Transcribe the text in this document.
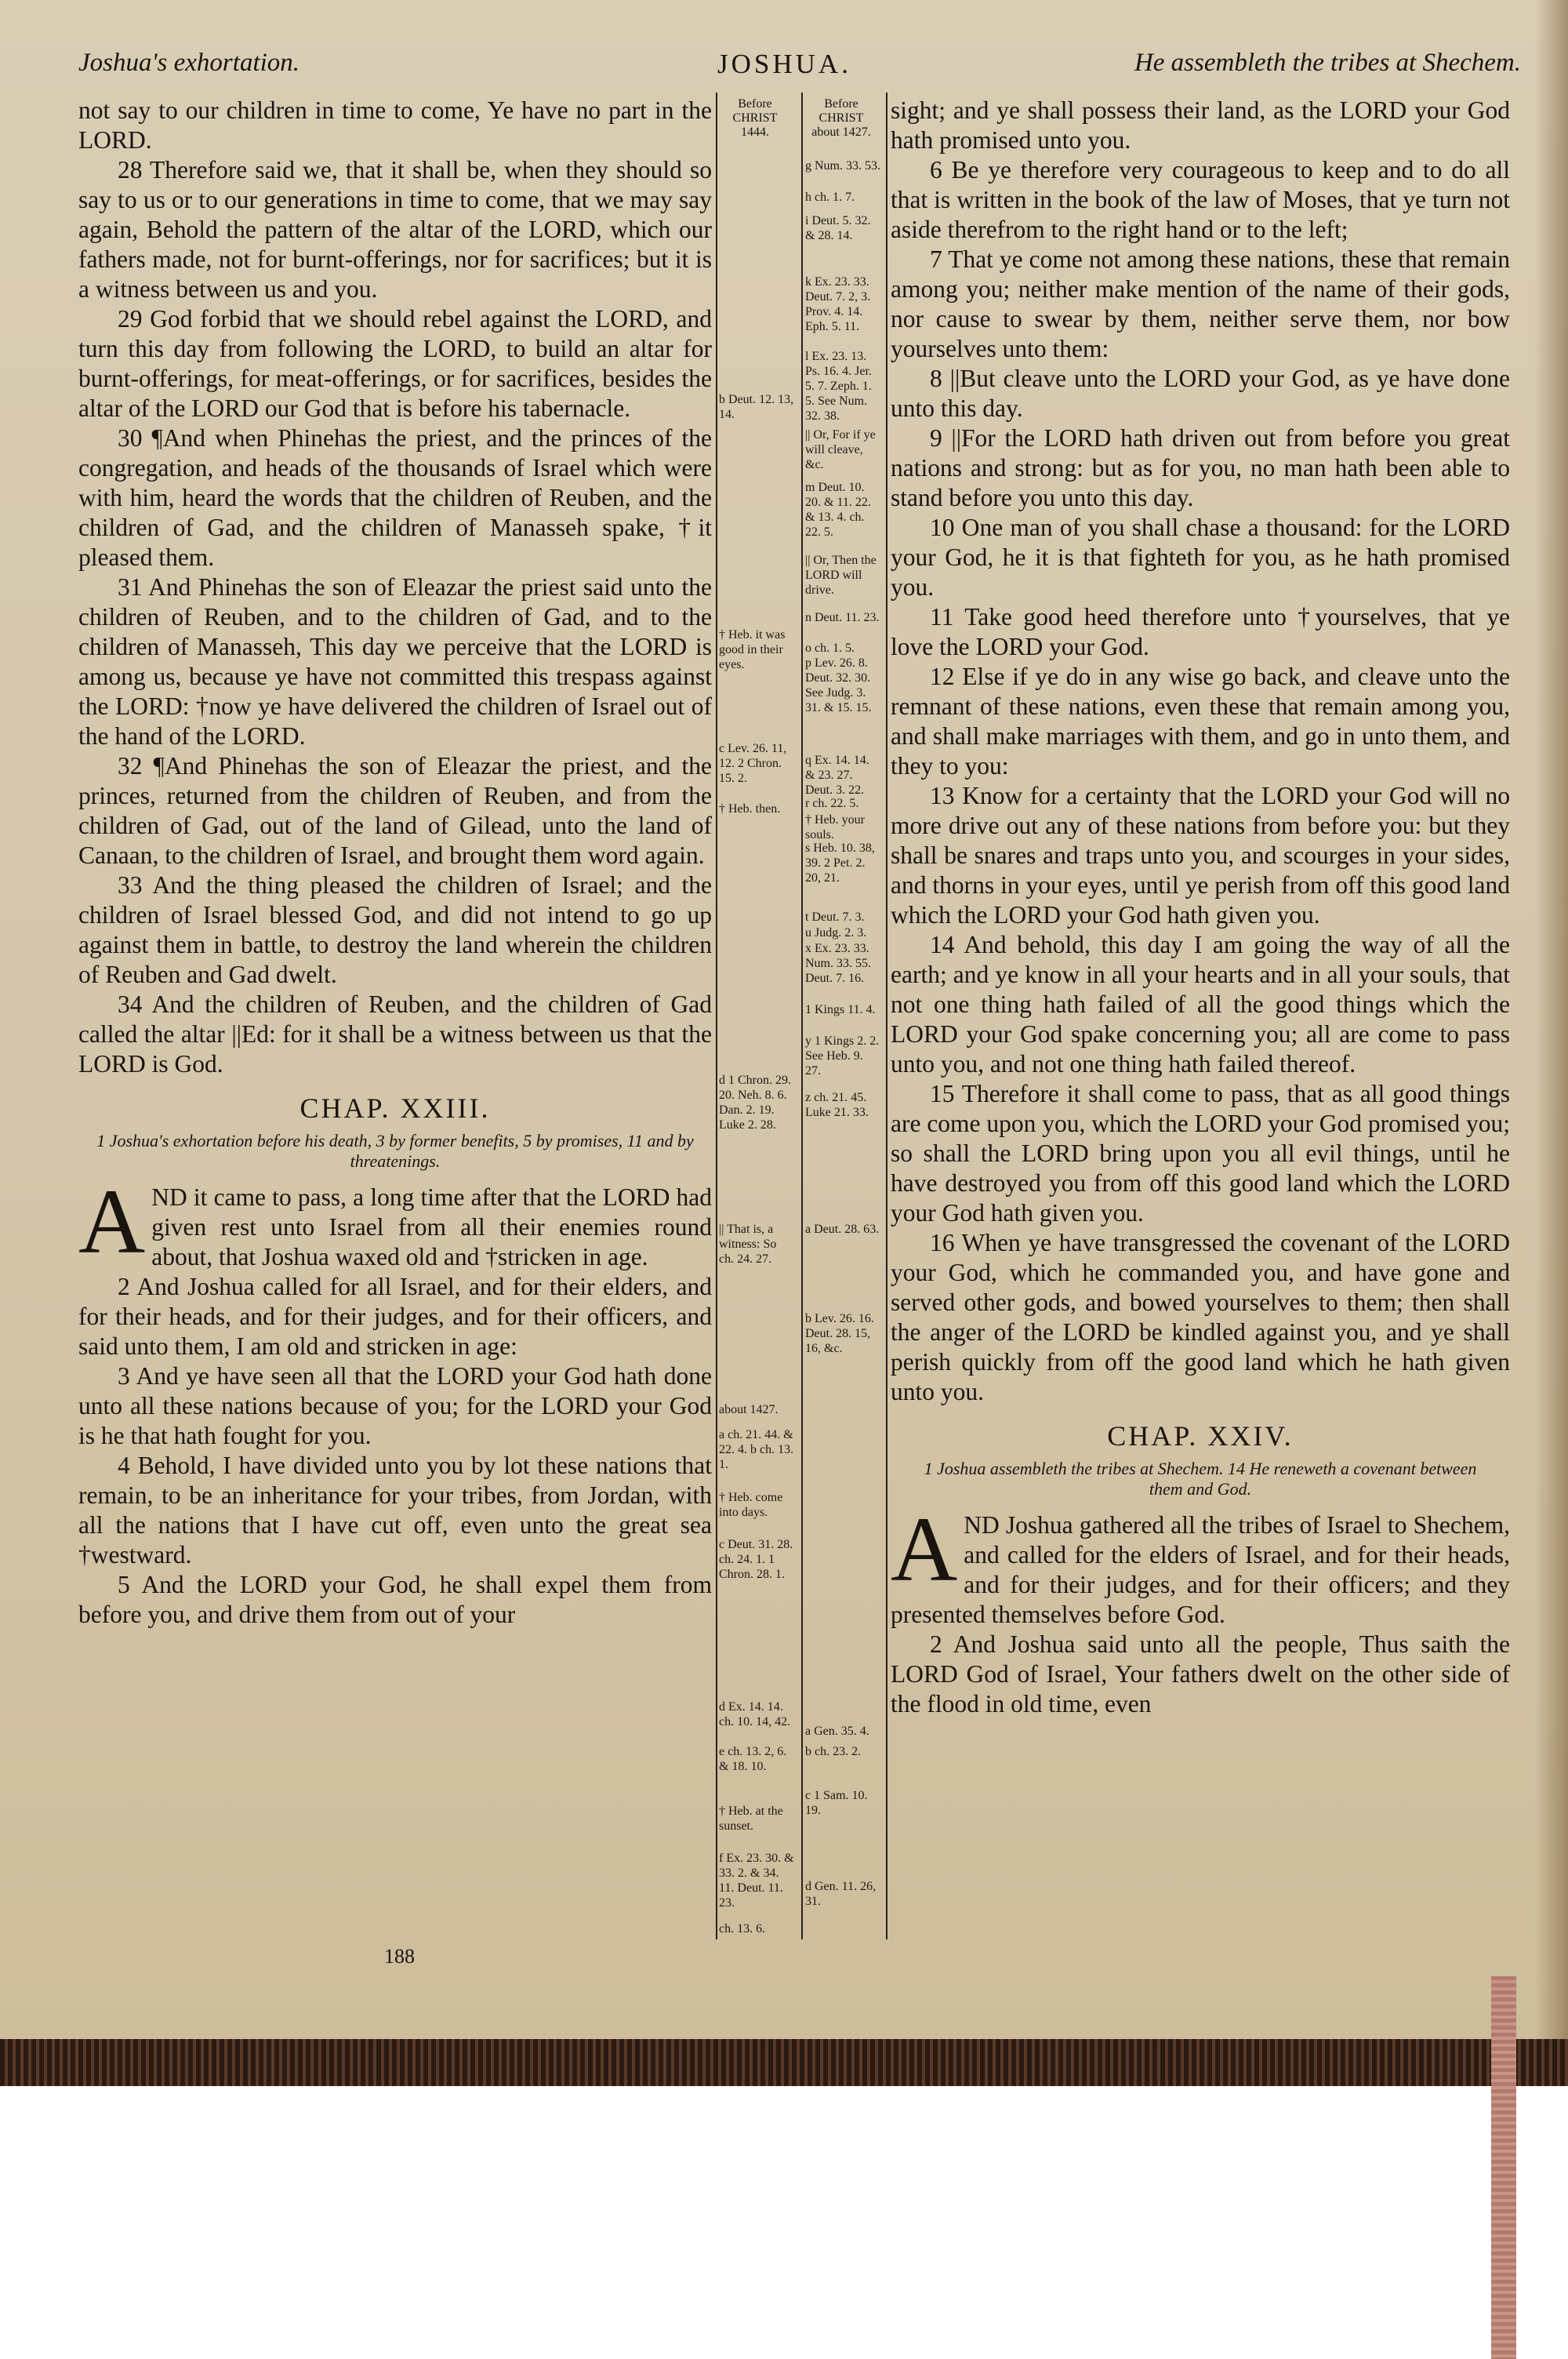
Joshua's exhortation.	JOSHUA.	He assembleth the tribes at Shechem.
Before CHRIST 1444.
Before CHRIST about 1427.

not say to our children in time to come, Ye have no part in the LORD.

28 Therefore said we, that it shall be, when they should so say to us or to our generations in time to come, that we may say again, Behold the pattern of the altar of the LORD, which our fathers made, not for burnt-offerings, nor for sacrifices; but it is a witness between us and you.

29 God forbid that we should rebel against the LORD, and turn this day from following the LORD, to build an altar for burnt-offerings, for meat-offerings, or for sacrifices, besides the altar of the LORD our God that is before his tabernacle.

30 ¶And when Phinehas the priest, and the princes of the congregation, and heads of the thousands of Israel which were with him, heard the words that the children of Reuben, and the children of Gad, and the children of Manasseh spake, †it pleased them.

31 And Phinehas the son of Eleazar the priest said unto the children of Reuben, and to the children of Gad, and to the children of Manasseh, This day we perceive that the LORD is among us, because ye have not committed this trespass against the LORD: †now ye have delivered the children of Israel out of the hand of the LORD.

32 ¶And Phinehas the son of Eleazar the priest, and the princes, returned from the children of Reuben, and from the children of Gad, out of the land of Gilead, unto the land of Canaan, to the children of Israel, and brought them word again.

33 And the thing pleased the children of Israel; and the children of Israel blessed God, and did not intend to go up against them in battle, to destroy the land wherein the children of Reuben and Gad dwelt.

34 And the children of Reuben, and the children of Gad called the altar ||Ed: for it shall be a witness between us that the LORD is God.

CHAP. XXIII.
1 Joshua's exhortation before his death, 3 by former benefits, 5 by promises, 11 and by threatenings.

AND it came to pass, a long time after that the LORD had given rest unto Israel from all their enemies round about, that Joshua waxed old and †stricken in age.

2 And Joshua called for all Israel, and for their elders, and for their heads, and for their judges, and for their officers, and said unto them, I am old and stricken in age:

3 And ye have seen all that the LORD your God hath done unto all these nations because of you; for the LORD your God is he that hath fought for you.

4 Behold, I have divided unto you by lot these nations that remain, to be an inheritance for your tribes, from Jordan, with all the nations that I have cut off, even unto the great sea †westward.

5 And the LORD your God, he shall expel them from before you, and drive them from out of your

sight; and ye shall possess their land, as the LORD your God hath promised unto you.

6 Be ye therefore very courageous to keep and to do all that is written in the book of the law of Moses, that ye turn not aside therefrom to the right hand or to the left;

7 That ye come not among these nations, these that remain among you; neither make mention of the name of their gods, nor cause to swear by them, neither serve them, nor bow yourselves unto them:

8 ||But cleave unto the LORD your God, as ye have done unto this day.

9 ||For the LORD hath driven out from before you great nations and strong: but as for you, no man hath been able to stand before you unto this day.

10 One man of you shall chase a thousand: for the LORD your God, he it is that fighteth for you, as he hath promised you.

11 Take good heed therefore unto †yourselves, that ye love the LORD your God.

12 Else if ye do in any wise go back, and cleave unto the remnant of these nations, even these that remain among you, and shall make marriages with them, and go in unto them, and they to you:

13 Know for a certainty that the LORD your God will no more drive out any of these nations from before you: but they shall be snares and traps unto you, and scourges in your sides, and thorns in your eyes, until ye perish from off this good land which the LORD your God hath given you.

14 And behold, this day I am going the way of all the earth; and ye know in all your hearts and in all your souls, that not one thing hath failed of all the good things which the LORD your God spake concerning you; all are come to pass unto you, and not one thing hath failed thereof.

15 Therefore it shall come to pass, that as all good things are come upon you, which the LORD your God promised you; so shall the LORD bring upon you all evil things, until he have destroyed you from off this good land which the LORD your God hath given you.

16 When ye have transgressed the covenant of the LORD your God, which he commanded you, and have gone and served other gods, and bowed yourselves to them; then shall the anger of the LORD be kindled against you, and ye shall perish quickly from off the good land which he hath given unto you.

CHAP. XXIV.
1 Joshua assembleth the tribes at Shechem. 14 He reneweth a covenant between them and God.

AND Joshua gathered all the tribes of Israel to Shechem, and called for the elders of Israel, and for their heads, and for their judges, and for their officers; and they presented themselves before God.

2 And Joshua said unto all the people, Thus saith the LORD God of Israel, Your fathers dwelt on the other side of the flood in old time, even

b Deut. 12. 13, 14.
† Heb. it was good in their eyes.
c Lev. 26. 11, 12. 2 Chron. 15. 2.
† Heb. then.
d 1 Chron. 29. 20. Neh. 8. 6. Dan. 2. 19. Luke 2. 28.
|| That is, a witness: So ch. 24. 27.
about 1427.
a ch. 21. 44. & 22. 4. b ch. 13. 1.
† Heb. come into days.
c Deut. 31. 28. ch. 24. 1. 1 Chron. 28. 1.
d Ex. 14. 14. ch. 10. 14, 42.
e ch. 13. 2, 6. & 18. 10.
† Heb. at the sunset.
f Ex. 23. 30. & 33. 2. & 34. 11. Deut. 11. 23.
ch. 13. 6.
g Num. 33. 53.
h ch. 1. 7.
i Deut. 5. 32. & 28. 14.
k Ex. 23. 33. Deut. 7. 2, 3. Prov. 4. 14. Eph. 5. 11.
l Ex. 23. 13. Ps. 16. 4. Jer. 5. 7. Zeph. 1. 5. See Num. 32. 38.
|| Or, For if ye will cleave, &c.
m Deut. 10. 20. & 11. 22. & 13. 4. ch. 22. 5.
|| Or, Then the LORD will drive.
n Deut. 11. 23.
o ch. 1. 5.
p Lev. 26. 8. Deut. 32. 30. See Judg. 3. 31. & 15. 15.
q Ex. 14. 14. & 23. 27. Deut. 3. 22.
r ch. 22. 5.
† Heb. your souls.
s Heb. 10. 38, 39. 2 Pet. 2. 20, 21.
t Deut. 7. 3.
u Judg. 2. 3.
x Ex. 23. 33. Num. 33. 55. Deut. 7. 16.
1 Kings 11. 4.
y 1 Kings 2. 2. See Heb. 9. 27.
z ch. 21. 45. Luke 21. 33.
a Deut. 28. 63.
b Lev. 26. 16. Deut. 28. 15, 16, &c.
a Gen. 35. 4.
b ch. 23. 2.
c 1 Sam. 10. 19.
d Gen. 11. 26, 31.
188
